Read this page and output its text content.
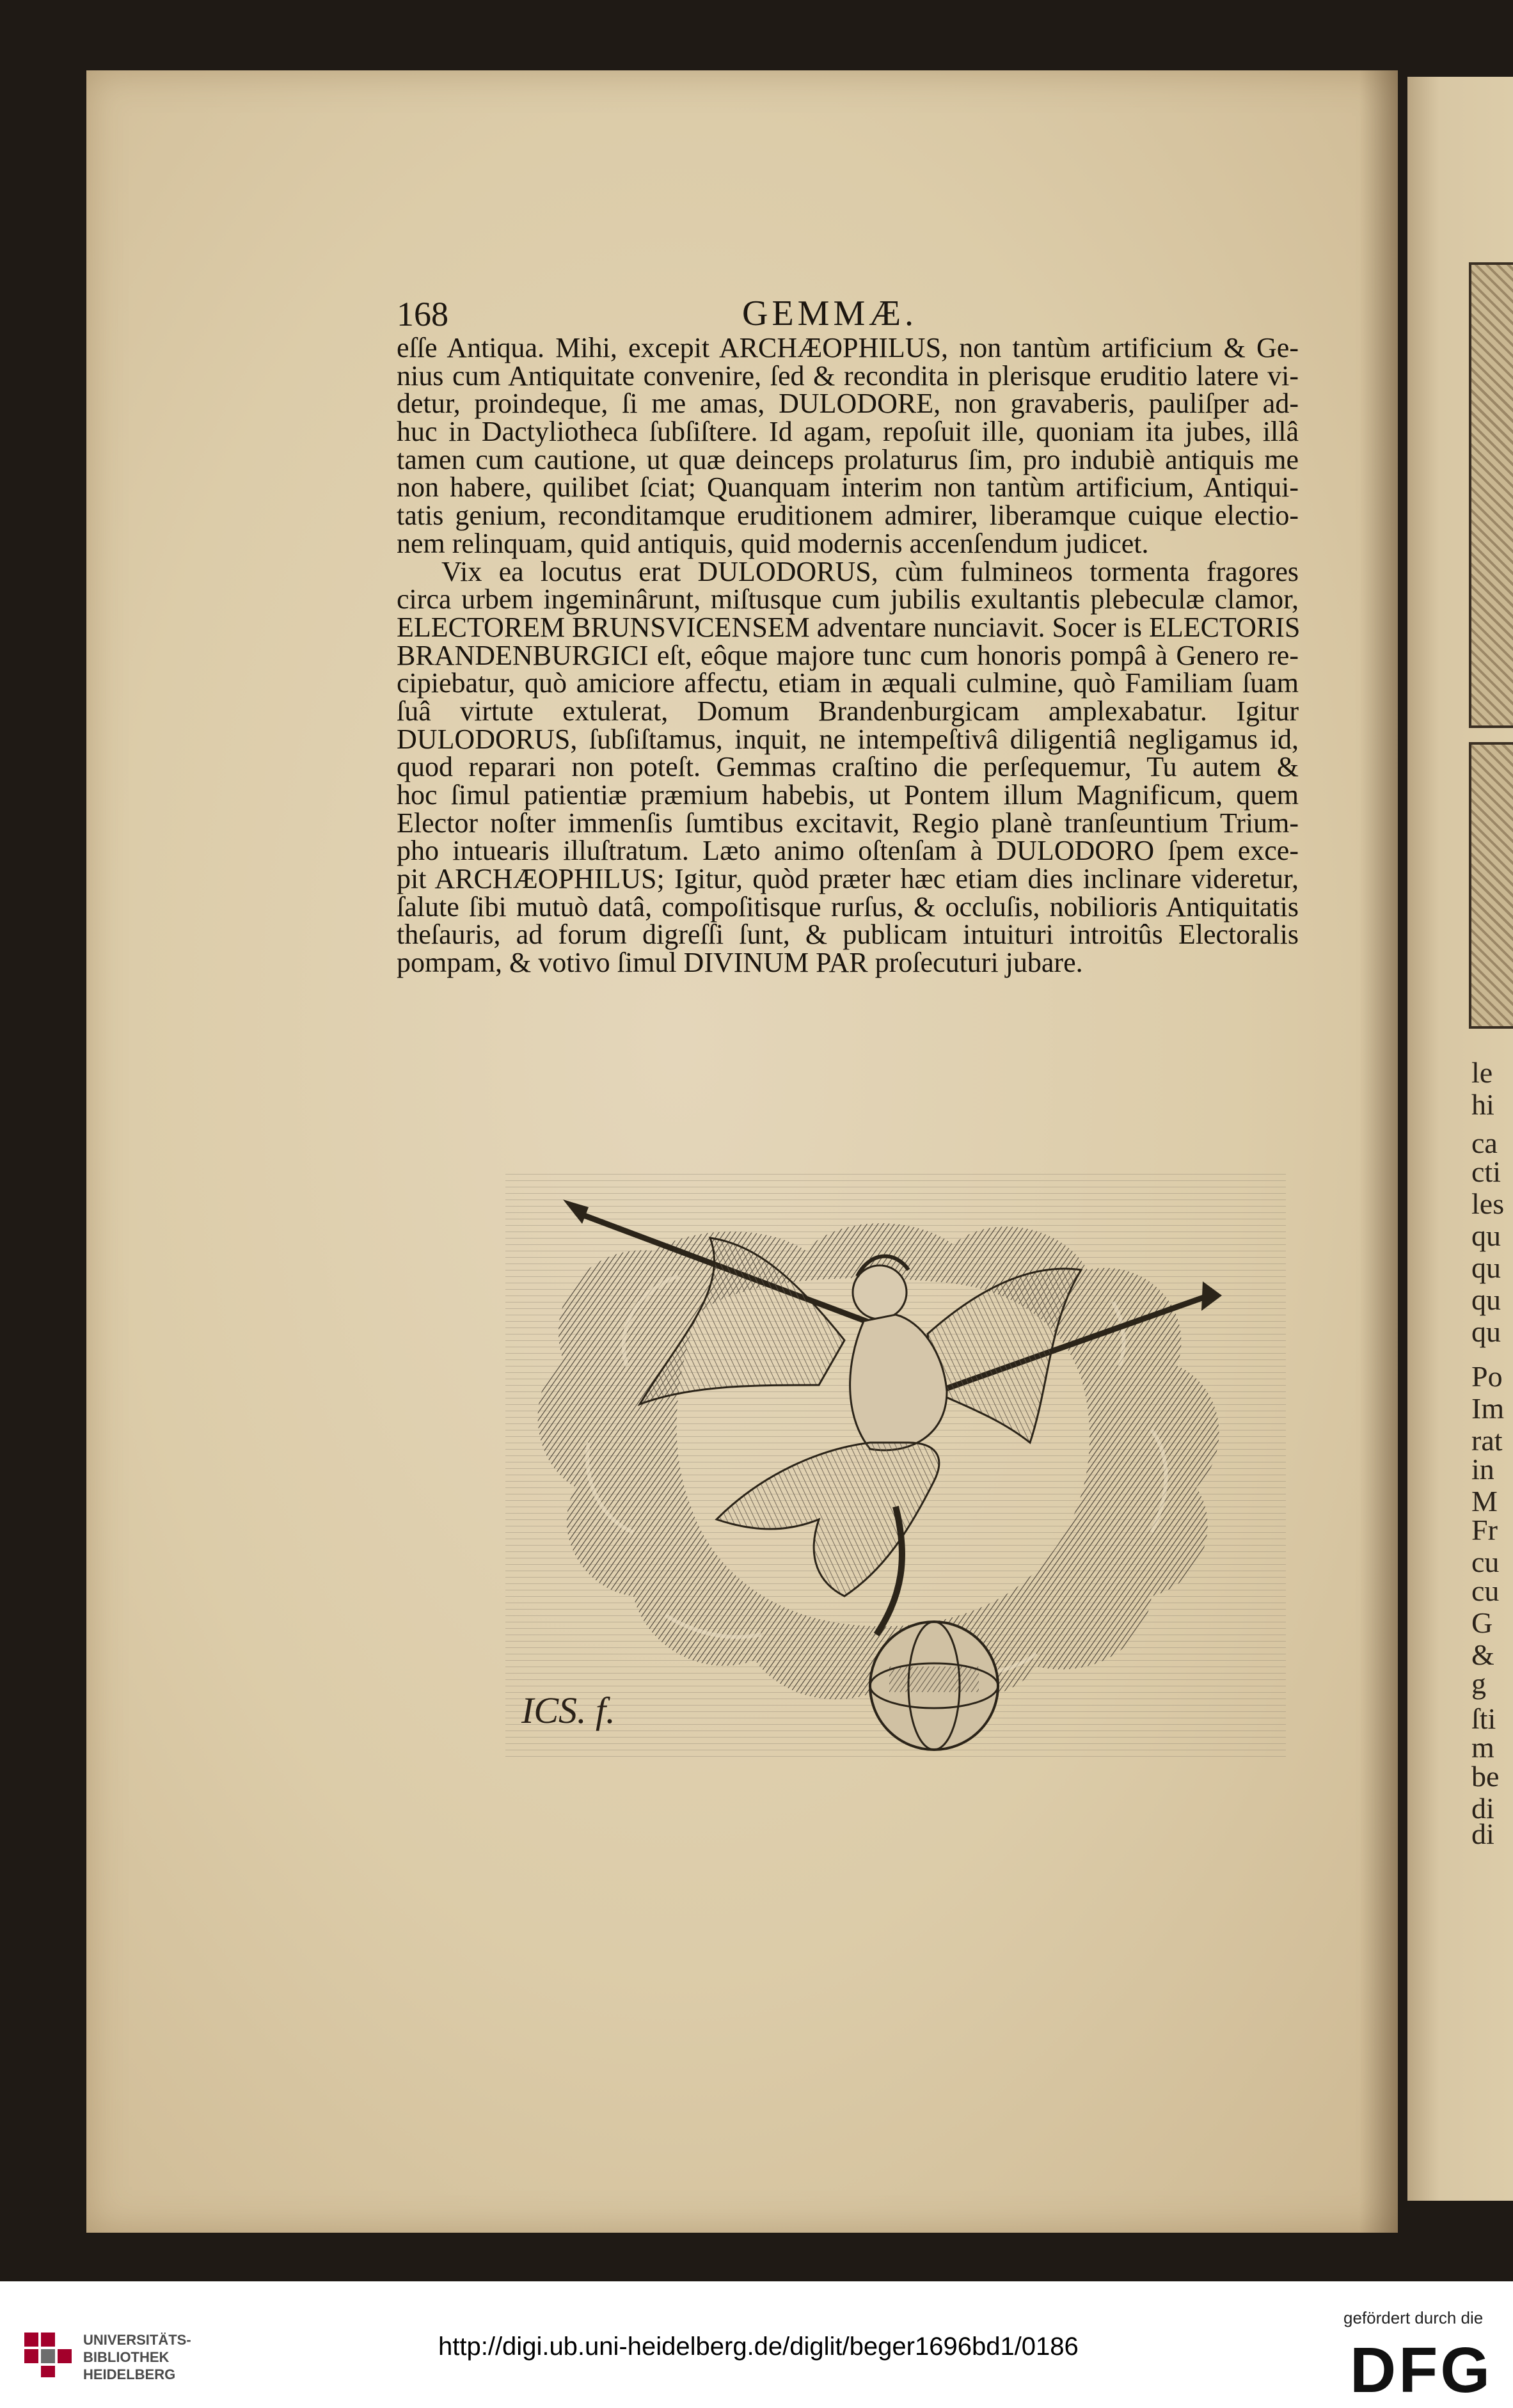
le
hi
ca
cti
les
qu
qu
qu
qu
Po
Im
rat
in
M
Fr
cu
cu
G
&
g
ſti
m
be
di
di
168	GEMMÆ.
eſſe Antiqua. Mihi, excepit ARCHÆOPHILUS, non tantùm artificium & Ge-
nius cum Antiquitate convenire, ſed & recondita in plerisque eruditio latere vi-
detur, proindeque, ſi me amas, DULODORE, non gravaberis, pauliſper ad-
huc in Dactyliotheca ſubſiſtere. Id agam, repoſuit ille, quoniam ita jubes, illâ
tamen cum cautione, ut quæ deinceps prolaturus ſim, pro indubiè antiquis me
non habere, quilibet ſciat; Quanquam interim non tantùm artificium, Antiqui-
tatis genium, reconditamque eruditionem admirer, liberamque cuique electio-
nem relinquam, quid antiquis, quid modernis accenſendum judicet.
Vix ea locutus erat DULODORUS, cùm fulmineos tormenta fragores
circa urbem ingeminârunt, miſtusque cum jubilis exultantis plebeculæ clamor,
ELECTOREM BRUNSVICENSEM adventare nunciavit. Socer is ELECTORIS
BRANDENBURGICI eſt, eôque majore tunc cum honoris pompâ à Genero re-
cipiebatur, quò amiciore affectu, etiam in æquali culmine, quò Familiam ſuam
ſuâ virtute extulerat, Domum Brandenburgicam amplexabatur. Igitur
DULODORUS, ſubſiſtamus, inquit, ne intempeſtivâ diligentiâ negligamus id,
quod reparari non poteſt. Gemmas craſtino die perſequemur, Tu autem &
hoc ſimul patientiæ præmium habebis, ut Pontem illum Magnificum, quem
Elector noſter immenſis ſumtibus excitavit, Regio planè tranſeuntium Trium-
pho intuearis illuſtratum. Læto animo oſtenſam à DULODORO ſpem exce-
pit ARCHÆOPHILUS; Igitur, quòd præter hæc etiam dies inclinare videretur,
ſalute ſibi mutuò datâ, compoſitisque rurſus, & occluſis, nobilioris Antiquitatis
theſauris, ad forum digreſſi ſunt, & publicam intuituri introitûs Electoralis
pompam, & votivo ſimul DIVINUM PAR proſecuturi jubare.
ICS. f.
UNIVERSITÄTS-
BIBLIOTHEK
HEIDELBERG
http://digi.ub.uni-heidelberg.de/diglit/beger1696bd1/0186
gefördert durch die
DFG
